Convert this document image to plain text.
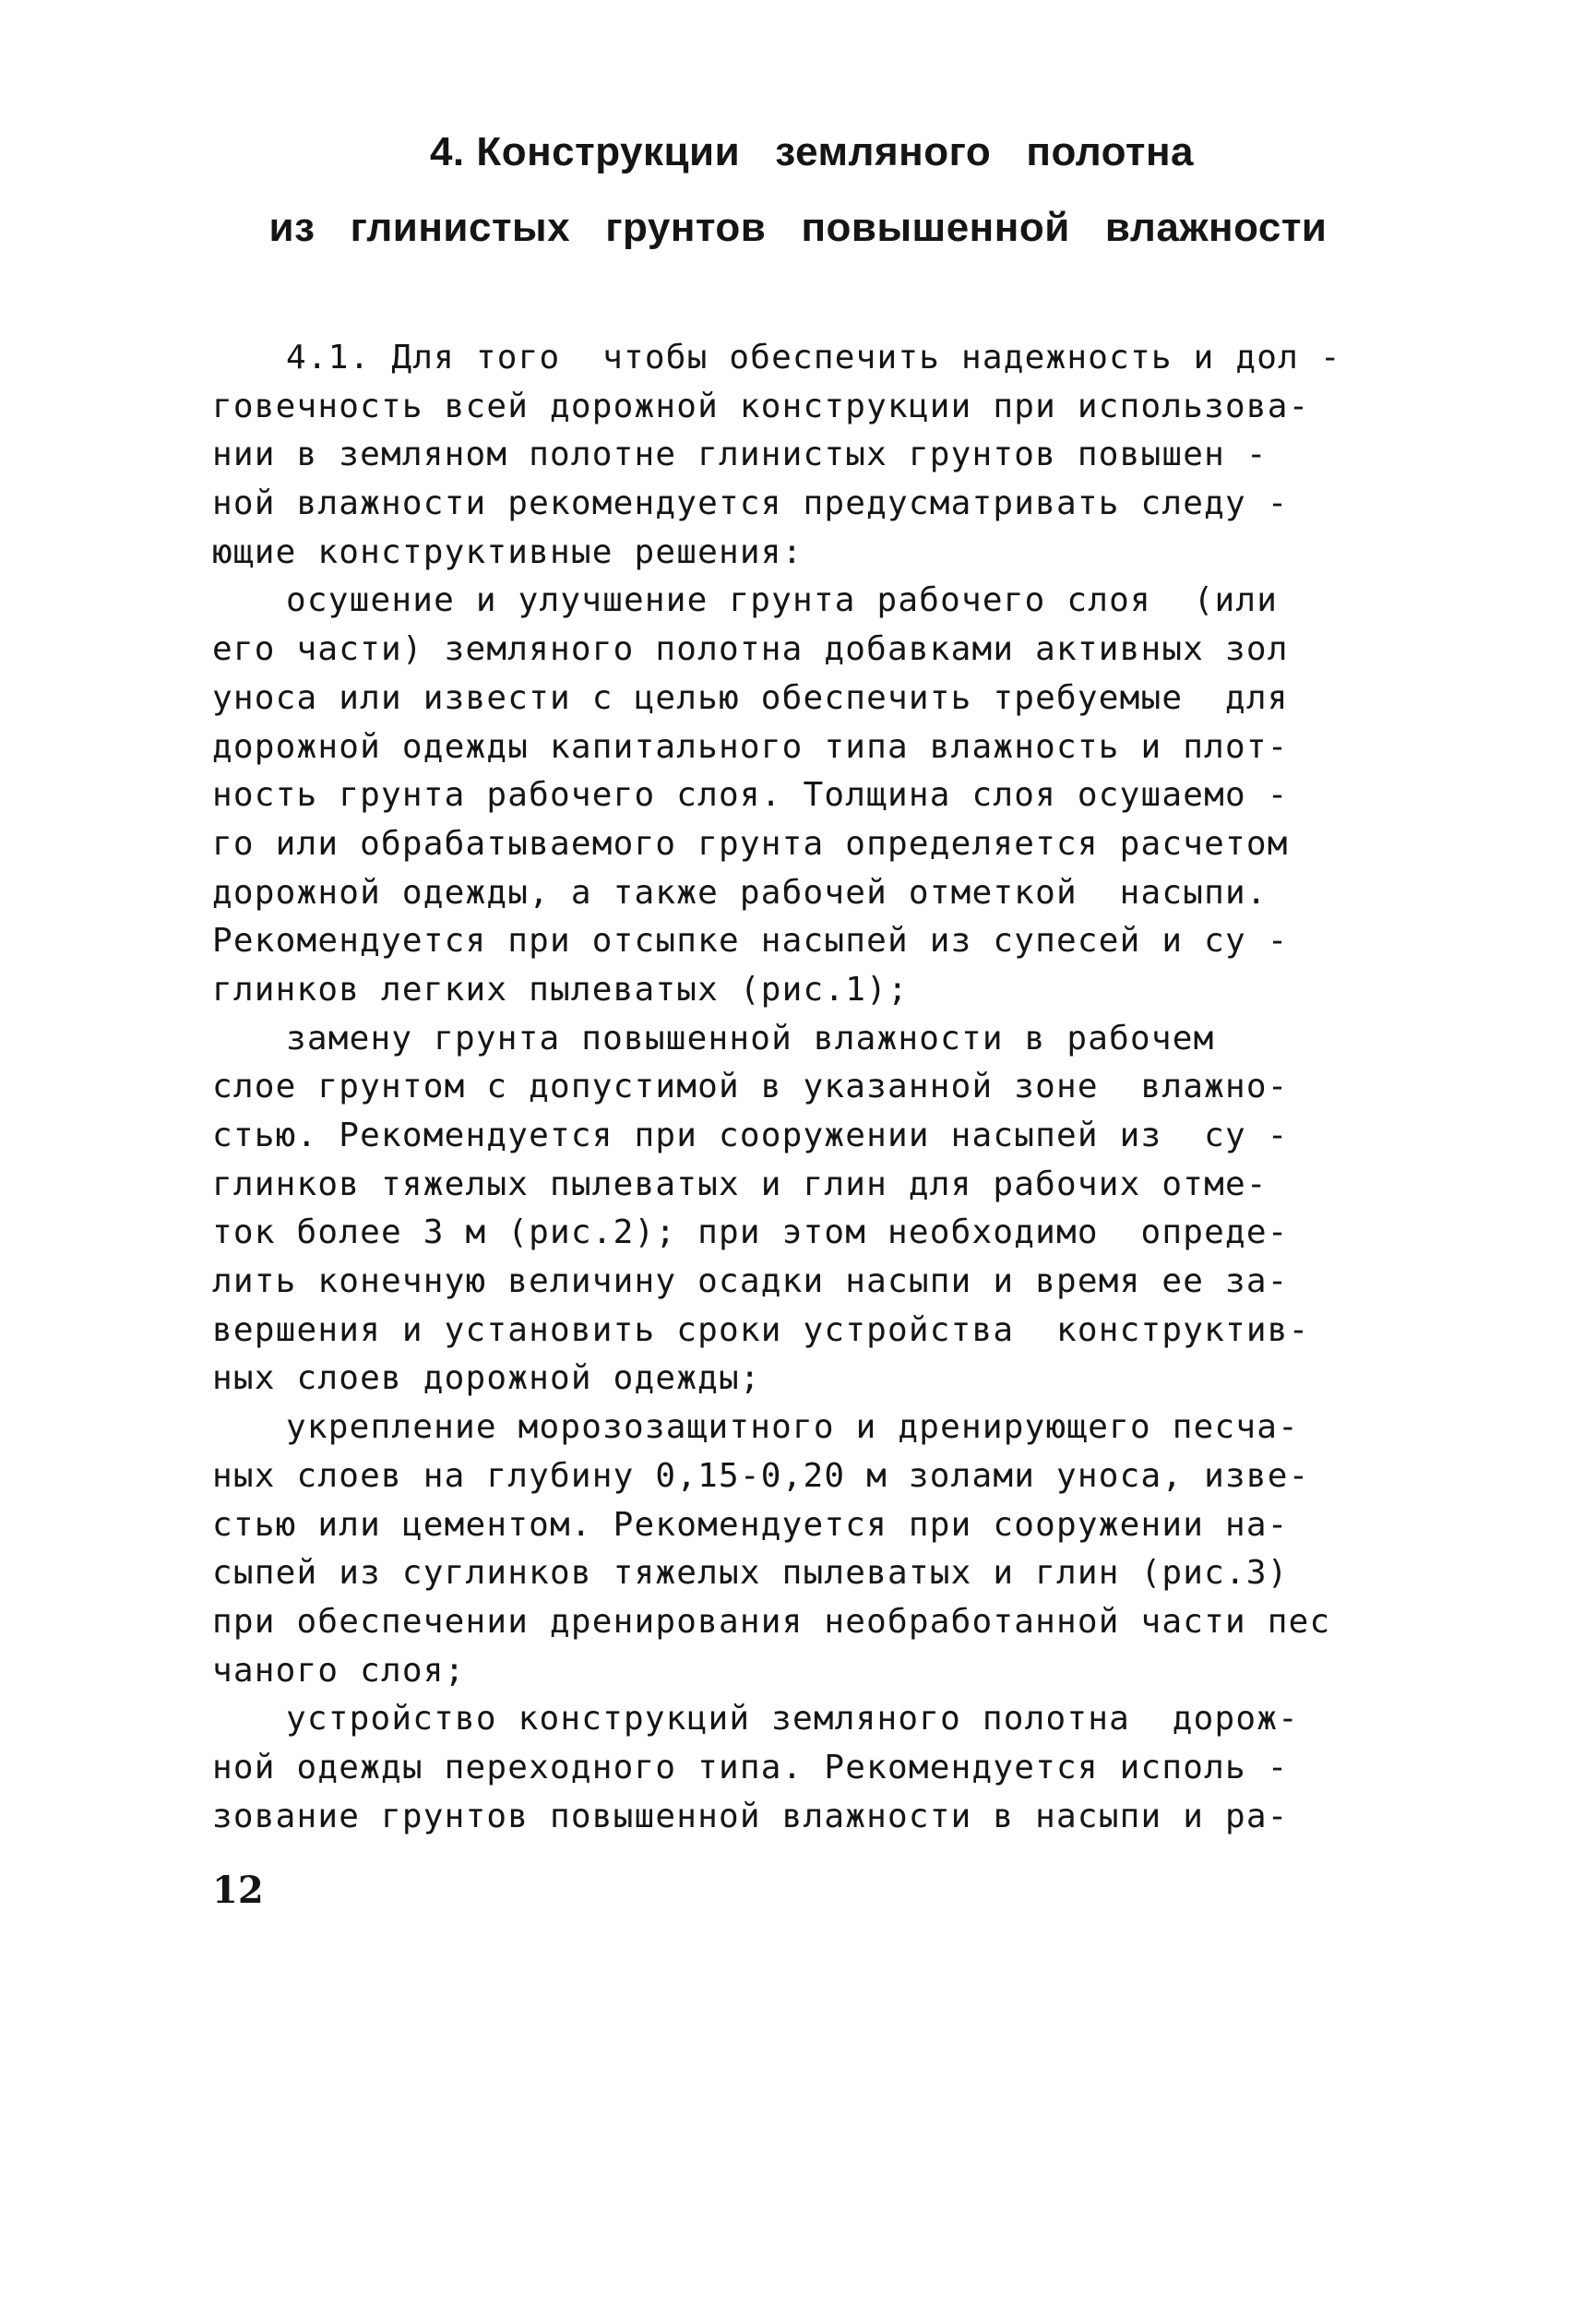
4. Конструкции   земляного   полотна
из   глинистых   грунтов   повышенной   влажности
4.1. Для того  чтобы обеспечить надежность и дол -
говечность всей дорожной конструкции при использова-
нии в земляном полотне глинистых грунтов повышен -
ной влажности рекомендуется предусматривать следу -
ющие конструктивные решения:
осушение и улучшение грунта рабочего слоя  (или
его части) земляного полотна добавками активных зол
уноса или извести с целью обеспечить требуемые  для
дорожной одежды капитального типа влажность и плот-
ность грунта рабочего слоя. Толщина слоя осушаемо -
го или обрабатываемого грунта определяется расчетом
дорожной одежды, а также рабочей отметкой  насыпи.
Рекомендуется при отсыпке насыпей из супесей и су -
глинков легких пылеватых (рис.1);
замену грунта повышенной влажности в рабочем
слое грунтом с допустимой в указанной зоне  влажно-
стью. Рекомендуется при сооружении насыпей из  су -
глинков тяжелых пылеватых и глин для рабочих отме-
ток более 3 м (рис.2); при этом необходимо  опреде-
лить конечную величину осадки насыпи и время ее за-
вершения и установить сроки устройства  конструктив-
ных слоев дорожной одежды;
укрепление морозозащитного и дренирующего песча-
ных слоев на глубину 0,15-0,20 м золами уноса, изве-
стью или цементом. Рекомендуется при сооружении на-
сыпей из суглинков тяжелых пылеватых и глин (рис.3)
при обеспечении дренирования необработанной части пес
чаного слоя;
устройство конструкций земляного полотна  дорож-
ной одежды переходного типа. Рекомендуется исполь -
зование грунтов повышенной влажности в насыпи и ра-
12
